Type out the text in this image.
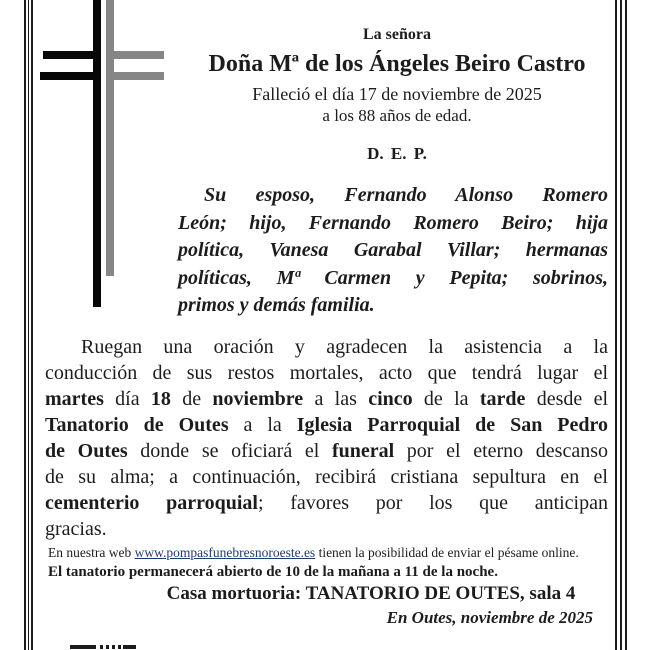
La señora
Doña Mª de los Ángeles Beiro Castro
Falleció el día 17 de noviembre de 2025
a los 88 años de edad.
D. E. P.
Su esposo, Fernando Alonso Romero
León; hijo, Fernando Romero Beiro; hija
política, Vanesa Garabal Villar; hermanas
políticas, Mª Carmen y Pepita; sobrinos,
primos y demás familia.
Ruegan una oración y agradecen la asistencia a la
conducción de sus restos mortales, acto que tendrá lugar el
martes día 18 de noviembre a las cinco de la tarde desde el
Tanatorio de Outes a la Iglesia Parroquial de San Pedro
de Outes donde se oficiará el funeral por el eterno descanso
de su alma; a continuación, recibirá cristiana sepultura en el
cementerio parroquial; favores por los que anticipan
gracias.
En nuestra web www.pompasfunebresnoroeste.es tienen la posibilidad de enviar el pésame online.
El tanatorio permanecerá abierto de 10 de la mañana a 11 de la noche.
Casa mortuoria: TANATORIO DE OUTES, sala 4
En Outes, noviembre de 2025
